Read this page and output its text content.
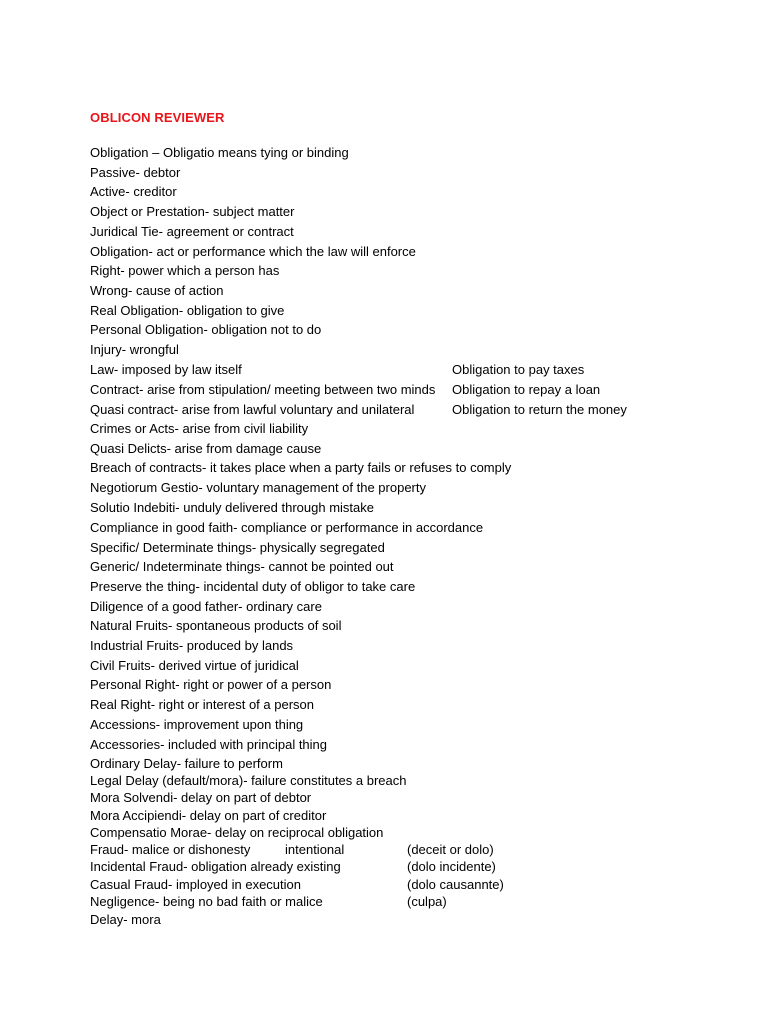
OBLICON REVIEWER
Obligation – Obligatio means tying or binding
Passive- debtor
Active- creditor
Object or Prestation- subject matter
Juridical Tie- agreement or contract
Obligation- act or performance which the law will enforce
Right- power which a person has
Wrong- cause of action
Real Obligation- obligation to give
Personal Obligation- obligation not to do
Injury- wrongful
Law- imposed by law itself
Contract- arise from stipulation/ meeting between two minds
Quasi contract- arise from lawful voluntary and unilateral
Crimes or Acts- arise from civil liability
Quasi Delicts- arise from damage cause
Breach of contracts- it takes place when a party fails or refuses to comply
Negotiorum Gestio- voluntary management of the property
Solutio Indebiti- unduly delivered through mistake
Compliance in good faith- compliance or performance in accordance
Specific/ Determinate things- physically segregated
Generic/ Indeterminate things- cannot be pointed out
Preserve the thing- incidental duty of obligor to take care
Diligence of a good father- ordinary care
Natural Fruits- spontaneous products of soil
Industrial Fruits- produced by lands
Civil Fruits- derived virtue of juridical
Personal Right- right or power of a person
Real Right- right or interest of a person
Accessions- improvement upon thing
Accessories- included with principal thing
Ordinary Delay- failure to perform
Legal Delay (default/mora)- failure constitutes a breach
Mora Solvendi- delay on part of debtor
Mora Accipiendi- delay on part of creditor
Compensatio Morae- delay on reciprocal obligation
Fraud- malice or dishonesty
Incidental Fraud- obligation already existing
Casual Fraud- imployed in execution
Negligence- being no bad faith or malice
Delay- mora
Obligation to pay taxes
Obligation to repay a loan
Obligation to return the money
intentional	(deceit or dolo)
(dolo incidente)
(dolo causannte)
(culpa)
